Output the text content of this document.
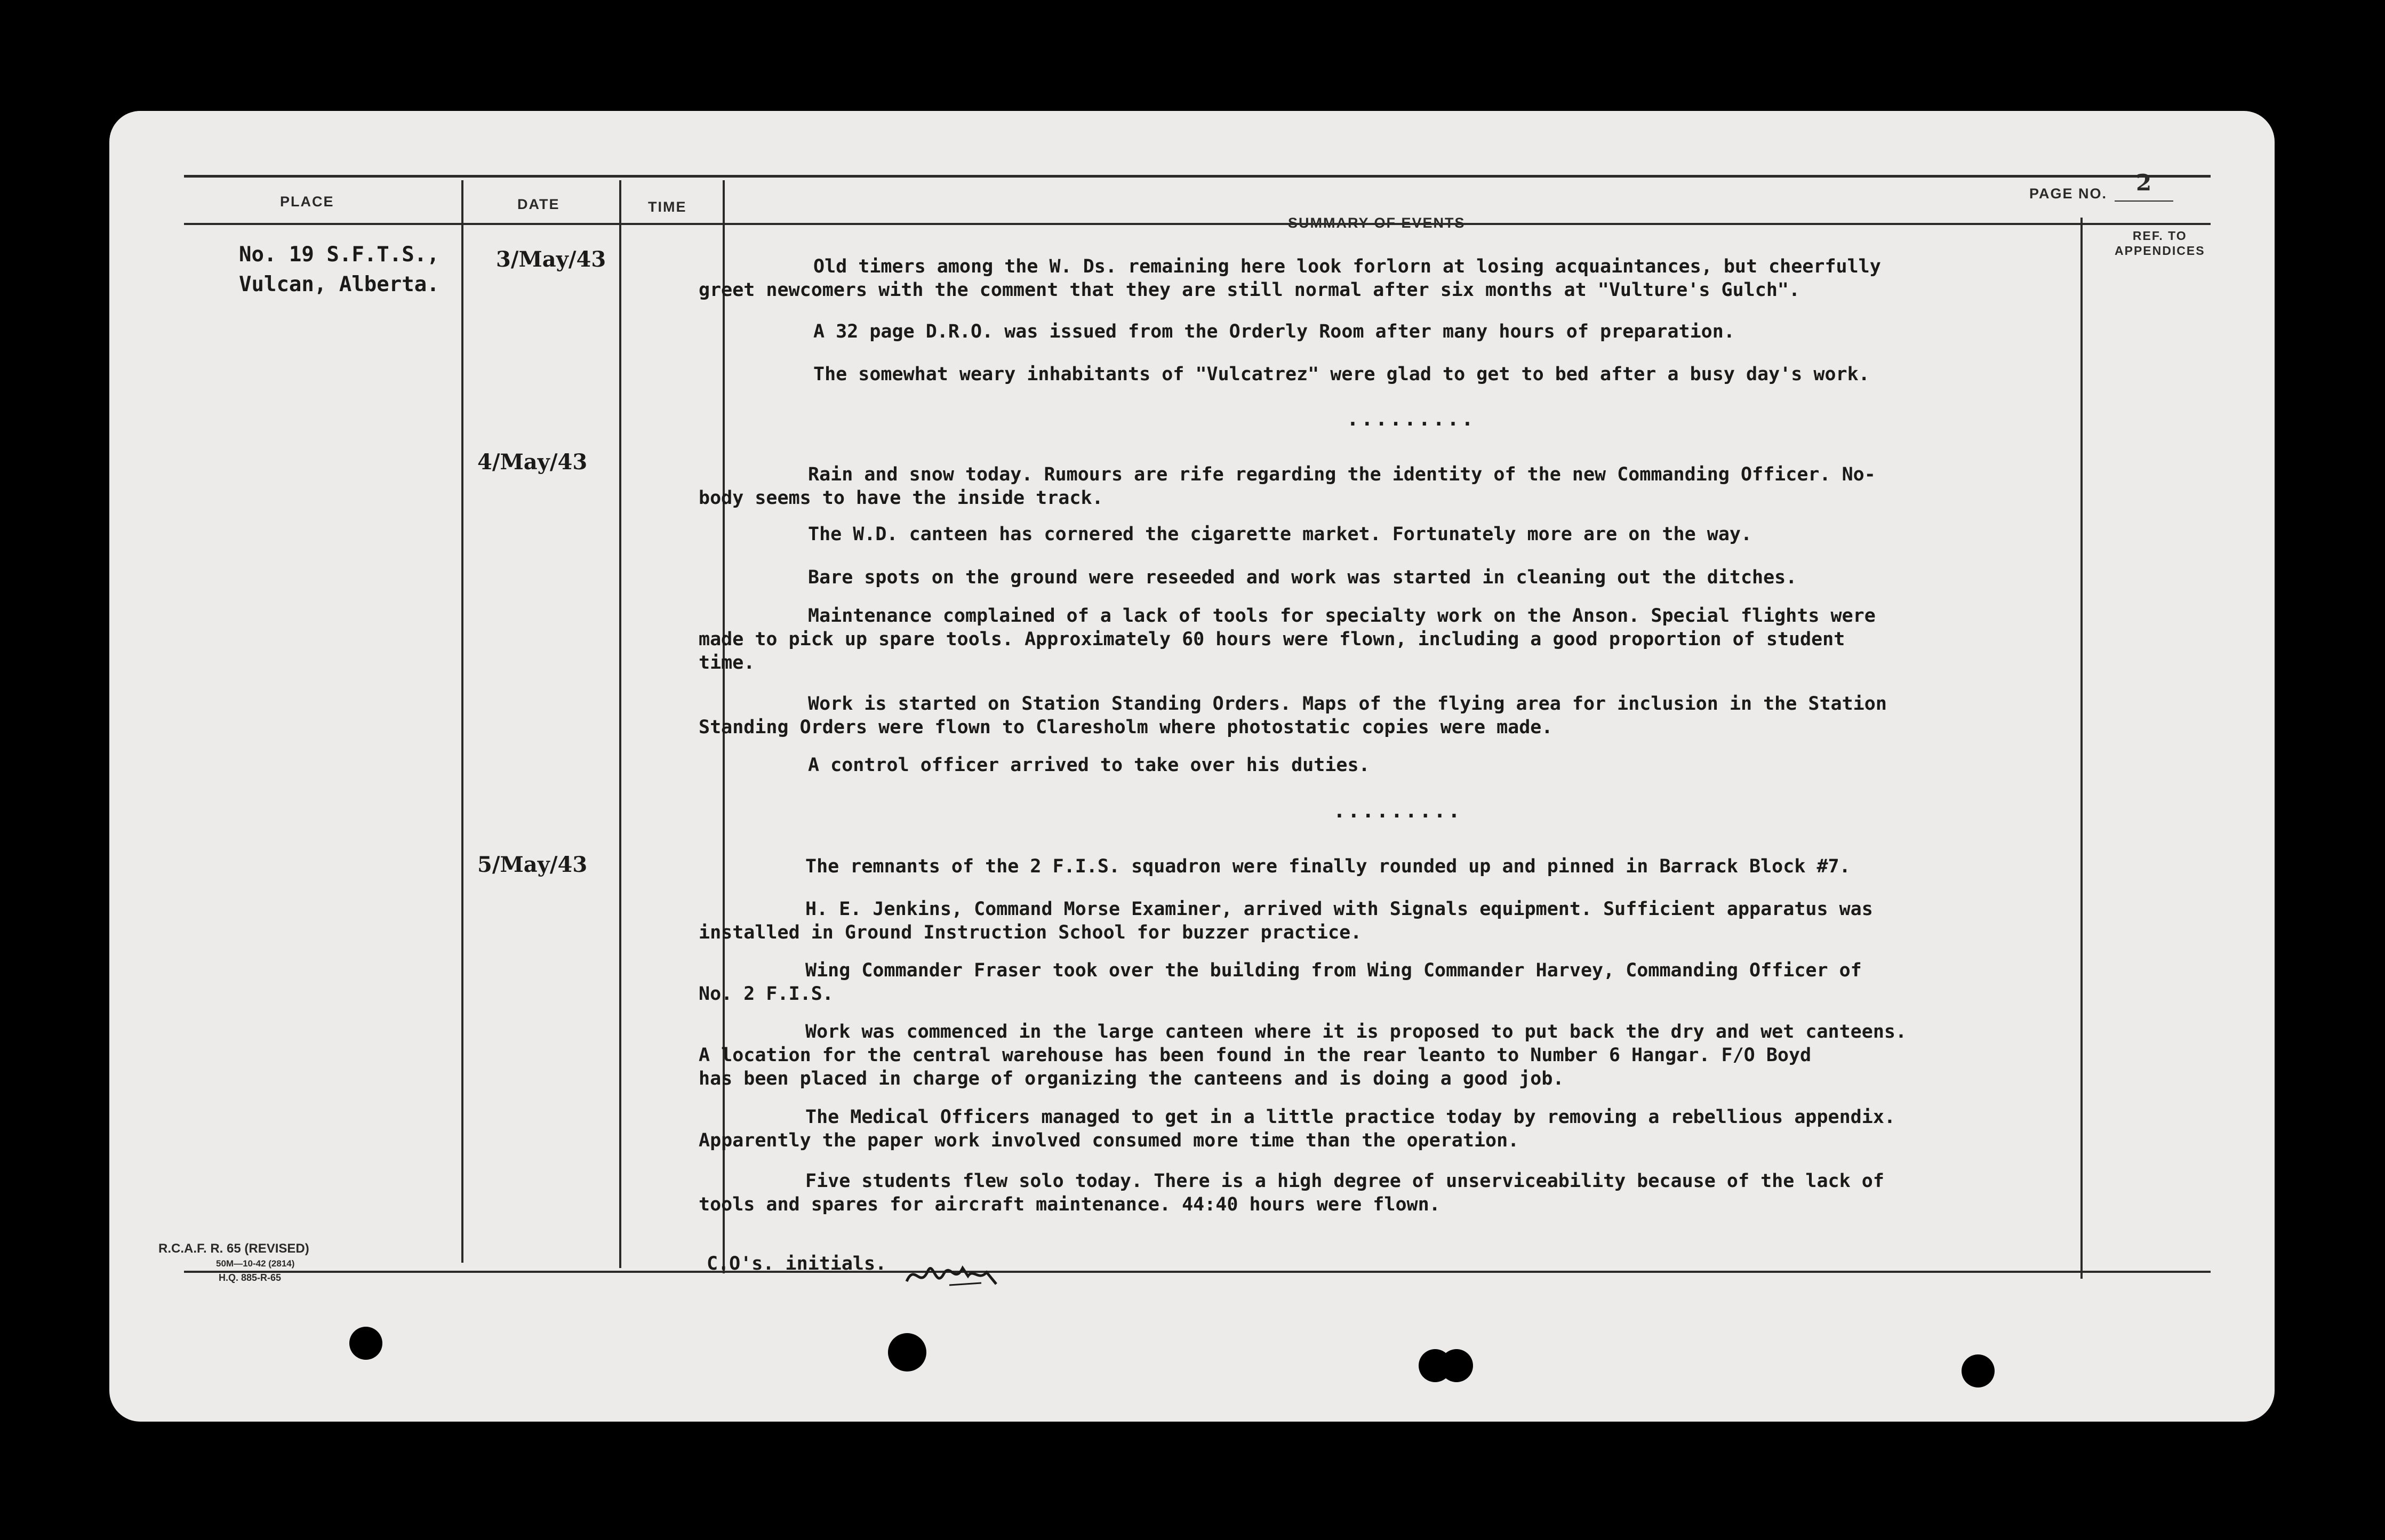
PLACE	DATE	TIME
SUMMARY OF EVENTS
PAGE NO. 2
REF. TO
APPENDICES
No. 19 S.F.T.S.,
Vulcan, Alberta.
3/May/43
4/May/43
5/May/43
Old timers among the W. Ds. remaining here look forlorn at losing acquaintances, but cheerfully
greet newcomers with the comment that they are still normal after six months at "Vulture's Gulch".
A 32 page D.R.O. was issued from the Orderly Room after many hours of preparation.
The somewhat weary inhabitants of "Vulcatrez" were glad to get to bed after a busy day's work.
.........
Rain and snow today. Rumours are rife regarding the identity of the new Commanding Officer. No-
body seems to have the inside track.
The W.D. canteen has cornered the cigarette market. Fortunately more are on the way.
Bare spots on the ground were reseeded and work was started in cleaning out the ditches.
Maintenance complained of a lack of tools for specialty work on the Anson. Special flights were
made to pick up spare tools. Approximately 60 hours were flown, including a good proportion of student
time.
Work is started on Station Standing Orders. Maps of the flying area for inclusion in the Station
Standing Orders were flown to Claresholm where photostatic copies were made.
A control officer arrived to take over his duties.
.........
The remnants of the 2 F.I.S. squadron were finally rounded up and pinned in Barrack Block #7.
H. E. Jenkins, Command Morse Examiner, arrived with Signals equipment. Sufficient apparatus was
installed in Ground Instruction School for buzzer practice.
Wing Commander Fraser took over the building from Wing Commander Harvey, Commanding Officer of
No. 2 F.I.S.
Work was commenced in the large canteen where it is proposed to put back the dry and wet canteens.
A location for the central warehouse has been found in the rear leanto to Number 6 Hangar. F/O Boyd
has been placed in charge of organizing the canteens and is doing a good job.
The Medical Officers managed to get in a little practice today by removing a rebellious appendix.
Apparently the paper work involved consumed more time than the operation.
Five students flew solo today. There is a high degree of unserviceability because of the lack of
tools and spares for aircraft maintenance. 44:40 hours were flown.
R.C.A.F. R. 65 (REVISED)
50M—10-42 (2814)
H.Q. 885-R-65
C.O's. initials.
